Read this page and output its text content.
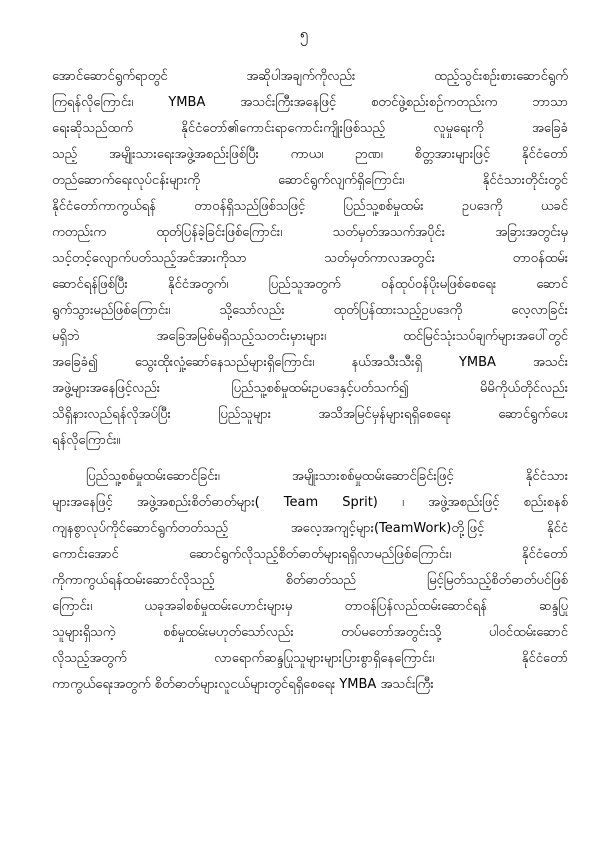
၅
အောင်ဆောင်ရွက်ရာတွင် အဆိုပါအချက်ကိုလည်း ထည့်သွင်းစဉ်းစားဆောင်ရွက်
ကြရန်လိုကြောင်း၊ YMBA အသင်းကြီးအနေဖြင့် စတင်ဖွဲ့စည်းစဉ်ကတည်းက ဘာသာ
ရေးဆိုသည်ထက် နိုင်ငံတော်၏ကောင်းရာကောင်းကျိုးဖြစ်သည့် လူမှုရေးကို အခြေခံ
သည့် အမျိုးသားရေးအဖွဲ့အစည်းဖြစ်ပြီး ကာယ၊ ဉာဏ၊ စိတ္တအားများဖြင့် နိုင်ငံတော်
တည်ဆောက်ရေးလုပ်ငန်းများကို ဆောင်ရွက်လျက်ရှိကြောင်း၊ နိုင်ငံသားတိုင်းတွင်
နိုင်ငံတော်ကာကွယ်ရန် တာဝန်ရှိသည်ဖြစ်သဖြင့် ပြည်သူ့စစ်မှုထမ်း ဥပဒေကို ယခင်
ကတည်းက ထုတ်ပြန်ခဲ့ခြင်းဖြစ်ကြောင်း၊ သတ်မှတ်အသက်အပိုင်း အခြားအတွင်းမှ
သင့်တင့်လျောက်ပတ်သည့်အင်အားကိုသာ သတ်မှတ်ကာလအတွင်း တာဝန်ထမ်း
ဆောင်ရန်ဖြစ်ပြီး နိုင်ငံအတွက်၊ ပြည်သူအတွက် ဝန်ထုပ်ဝန်ပိုးမဖြစ်စေရေး ဆောင်
ရွက်သွားမည်ဖြစ်ကြောင်း၊ သို့သော်လည်း ထုတ်ပြန်ထားသည့်ဥပဒေကို လေ့လာခြင်း
မရှိဘဲ အခြေအမြစ်မရှိသည့်သတင်းမှားများ၊ ထင်မြင်သုံးသပ်ချက်များအပေါ်တွင်
အခြေခံ၍ သွေးထိုးလှုံ့ဆော်နေသည်များရှိကြောင်း၊ နယ်အသီးသီးရှိ YMBA အသင်း
အဖွဲ့များအနေဖြင့်လည်း ပြည်သူ့စစ်မှုထမ်းဥပဒေနှင့်ပတ်သက်၍ မိမိကိုယ်တိုင်လည်း
သိရှိနားလည်ရန်လိုအပ်ပြီး ပြည်သူများ အသိအမြင်မှန်များရရှိစေရေး ဆောင်ရွက်ပေး
ရန်လိုကြောင်း။
ပြည်သူ့စစ်မှုထမ်းဆောင်ခြင်း၊ အမျိုးသားစစ်မှုထမ်းဆောင်ခြင်းဖြင့် နိုင်ငံသား
များအနေဖြင့် အဖွဲ့အစည်းစိတ်ဓာတ်များ( Team Sprit) ၊ အဖွဲ့အစည်းဖြင့် စည်းစနစ်
ကျနစွာလုပ်ကိုင်ဆောင်ရွက်တတ်သည့် အလေ့အကျင့်များ(TeamWork)တို့ဖြင့် နိုင်ငံ
ကောင်းအောင် ဆောင်ရွက်လိုသည့်စိတ်ဓာတ်များရရှိလာမည်ဖြစ်ကြောင်း၊ နိုင်ငံတော်
ကိုကာကွယ်ရန်ထမ်းဆောင်လိုသည့် စိတ်ဓာတ်သည် မြင့်မြတ်သည့်စိတ်ဓာတ်ပင်ဖြစ်
ကြောင်း၊ ယခုအခါစစ်မှုထမ်းဟောင်းများမှ တာဝန်ပြန်လည်ထမ်းဆောင်ရန် ဆန္ဒပြု
သူများရှိသကဲ့ စစ်မှုထမ်းမဟုတ်သော်လည်း တပ်မတော်အတွင်းသို့ ပါဝင်ထမ်းဆောင်
လိုသည့်အတွက် လာရောက်ဆန္ဒပြုသူများများပြားစွာရှိနေကြောင်း၊ နိုင်ငံတော်
ကာကွယ်ရေးအတွက် စိတ်ဓာတ်များလူငယ်များတွင်ရရှိစေရေး YMBA အသင်းကြီး
